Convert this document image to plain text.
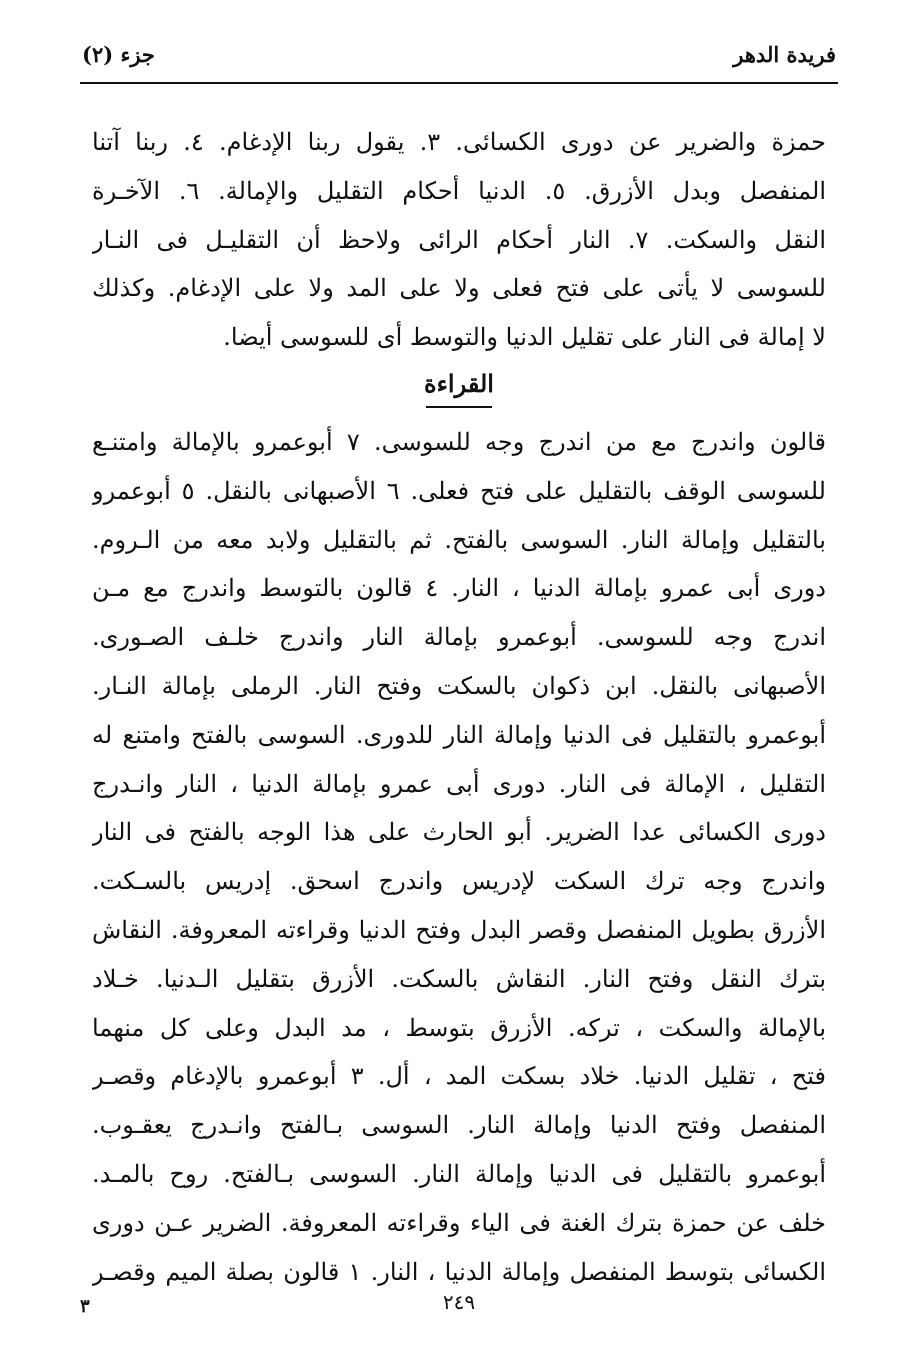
جزء (٢)	فريدة الدهر
حمزة والضرير عن دورى الكسائى. ٣. يقول ربنا الإدغام. ٤. ربنا آتنا
المنفصل وبدل الأزرق. ٥. الدنيا أحكام التقليل والإمالة. ٦. الآخـرة
النقل والسكت. ٧. النار أحكام الرائى ولاحظ أن التقليـل فى النـار
للسوسى لا يأتى على فتح فعلى ولا على المد ولا على الإدغام. وكذلك
لا إمالة فى النار على تقليل الدنيا والتوسط أى للسوسى أيضا.
القراءة
قالون واندرج مع من اندرج وجه للسوسى. ٧ أبوعمرو بالإمالة وامتنـع
للسوسى الوقف بالتقليل على فتح فعلى. ٦ الأصبهانى بالنقل. ٥ أبوعمرو
بالتقليل وإمالة النار. السوسى بالفتح. ثم بالتقليل ولابد معه من الـروم.
دورى أبى عمرو بإمالة الدنيا ، النار. ٤ قالون بالتوسط واندرج مع مـن
اندرج وجه للسوسى. أبوعمرو بإمالة النار واندرج خلـف الصـورى.
الأصبهانى بالنقل. ابن ذكوان بالسكت وفتح النار. الرملى بإمالة النـار.
أبوعمرو بالتقليل فى الدنيا وإمالة النار للدورى. السوسى بالفتح وامتنع له
التقليل ، الإمالة فى النار. دورى أبى عمرو بإمالة الدنيا ، النار وانـدرج
دورى الكسائى عدا الضرير. أبو الحارث على هذا الوجه بالفتح فى النار
واندرج وجه ترك السكت لإدريس واندرج اسحق. إدريس بالسـكت.
الأزرق بطويل المنفصل وقصر البدل وفتح الدنيا وقراءته المعروفة. النقاش
بترك النقل وفتح النار. النقاش بالسكت. الأزرق بتقليل الـدنيا. خـلاد
بالإمالة والسكت ، تركه. الأزرق بتوسط ، مد البدل وعلى كل منهما
فتح ، تقليل الدنيا. خلاد بسكت المد ، أل. ٣ أبوعمرو بالإدغام وقصـر
المنفصل وفتح الدنيا وإمالة النار. السوسى بـالفتح وانـدرج يعقـوب.
أبوعمرو بالتقليل فى الدنيا وإمالة النار. السوسى بـالفتح. روح بالمـد.
خلف عن حمزة بترك الغنة فى الياء وقراءته المعروفة. الضرير عـن دورى
الكسائى بتوسط المنفصل وإمالة الدنيا ، النار. ١ قالون بصلة الميم وقصـر
٢٤٩
٣
